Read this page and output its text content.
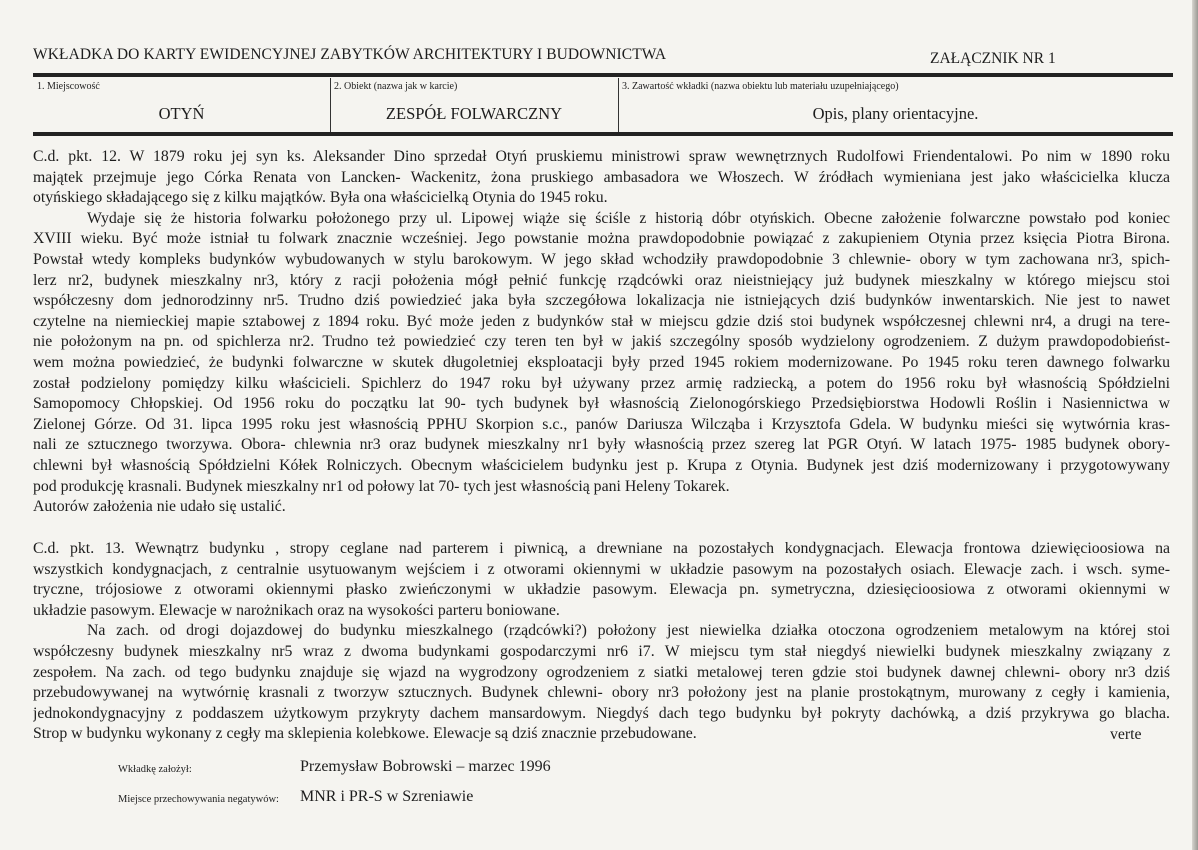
WKŁADKA DO KARTY EWIDENCYJNEJ ZABYTKÓW ARCHITEKTURY I BUDOWNICTWA	ZAŁĄCZNIK NR 1
1. Miejscowość	2. Obiekt (nazwa jak w karcie)	3. Zawartość wkładki (nazwa obiektu lub materiału uzupełniającego)
OTYŃ	ZESPÓŁ FOLWARCZNY	Opis, plany orientacyjne.
C.d. pkt. 12. W 1879 roku jej syn ks. Aleksander Dino sprzedał Otyń pruskiemu ministrowi spraw wewnętrznych Rudolfowi Friendentalowi. Po nim w 1890 roku
majątek przejmuje jego Córka Renata von Lancken- Wackenitz, żona pruskiego ambasadora we Włoszech. W źródłach wymieniana jest jako właścicielka klucza
otyńskiego składającego się z kilku majątków. Była ona właścicielką Otynia do 1945 roku.
Wydaje się że historia folwarku położonego przy ul. Lipowej wiąże się ściśle z historią dóbr otyńskich. Obecne założenie folwarczne powstało pod koniec
XVIII wieku. Być może istniał tu folwark znacznie wcześniej. Jego powstanie można prawdopodobnie powiązać z zakupieniem Otynia przez księcia Piotra Birona.
Powstał wtedy kompleks budynków wybudowanych w stylu barokowym. W jego skład wchodziły prawdopodobnie 3 chlewnie- obory w tym zachowana nr3, spich-
lerz nr2, budynek mieszkalny nr3, który z racji położenia mógł pełnić funkcję rządcówki oraz nieistniejący już budynek mieszkalny w którego miejscu stoi
współczesny dom jednorodzinny nr5. Trudno dziś powiedzieć jaka była szczegółowa lokalizacja nie istniejących dziś budynków inwentarskich. Nie jest to nawet
czytelne na niemieckiej mapie sztabowej z 1894 roku. Być może jeden z budynków stał w miejscu gdzie dziś stoi budynek współczesnej chlewni nr4, a drugi na tere-
nie położonym na pn. od spichlerza nr2. Trudno też powiedzieć czy teren ten był w jakiś szczególny sposób wydzielony ogrodzeniem. Z dużym prawdopodobieńst-
wem można powiedzieć, że budynki folwarczne w skutek długoletniej eksploatacji były przed 1945 rokiem modernizowane. Po 1945 roku teren dawnego folwarku
został podzielony pomiędzy kilku właścicieli. Spichlerz do 1947 roku był używany przez armię radziecką, a potem do 1956 roku był własnością Spółdzielni
Samopomocy Chłopskiej. Od 1956 roku do początku lat 90- tych budynek był własnością Zielonogórskiego Przedsiębiorstwa Hodowli Roślin i Nasiennictwa w
Zielonej Górze. Od 31. lipca 1995 roku jest własnością PPHU Skorpion s.c., panów Dariusza Wilcząba i Krzysztofa Gdela. W budynku mieści się wytwórnia kras-
nali ze sztucznego tworzywa. Obora- chlewnia nr3 oraz budynek mieszkalny nr1 były własnością przez szereg lat PGR Otyń. W latach 1975- 1985 budynek obory-
chlewni był własnością Spółdzielni Kółek Rolniczych. Obecnym właścicielem budynku jest p. Krupa z Otynia. Budynek jest dziś modernizowany i przygotowywany
pod produkcję krasnali. Budynek mieszkalny nr1 od połowy lat 70- tych jest własnością pani Heleny Tokarek.
Autorów założenia nie udało się ustalić.
C.d. pkt. 13. Wewnątrz budynku , stropy ceglane nad parterem i piwnicą, a drewniane na pozostałych kondygnacjach. Elewacja frontowa dziewięcioosiowa na
wszystkich kondygnacjach, z centralnie usytuowanym wejściem i z otworami okiennymi w układzie pasowym na pozostałych osiach. Elewacje zach. i wsch. syme-
tryczne, trójosiowe z otworami okiennymi płasko zwieńczonymi w układzie pasowym. Elewacja pn. symetryczna, dziesięcioosiowa z otworami okiennymi w
układzie pasowym. Elewacje w narożnikach oraz na wysokości parteru boniowane.
Na zach. od drogi dojazdowej do budynku mieszkalnego (rządcówki?) położony jest niewielka działka otoczona ogrodzeniem metalowym na której stoi
współczesny budynek mieszkalny nr5 wraz z dwoma budynkami gospodarczymi nr6 i7. W miejscu tym stał niegdyś niewielki budynek mieszkalny związany z
zespołem. Na zach. od tego budynku znajduje się wjazd na wygrodzony ogrodzeniem z siatki metalowej teren gdzie stoi budynek dawnej chlewni- obory nr3 dziś
przebudowywanej na wytwórnię krasnali z tworzyw sztucznych. Budynek chlewni- obory nr3 położony jest na planie prostokątnym, murowany z cegły i kamienia,
jednokondygnacyjny z poddaszem użytkowym przykryty dachem mansardowym. Niegdyś dach tego budynku był pokryty dachówką, a dziś przykrywa go blacha.
Strop w budynku wykonany z cegły ma sklepienia kolebkowe. Elewacje są dziś znacznie przebudowane.	verte
Wkładkę założył:	Przemysław Bobrowski – marzec 1996
Miejsce przechowywania negatywów: MNR i PR-S w Szreniawie
